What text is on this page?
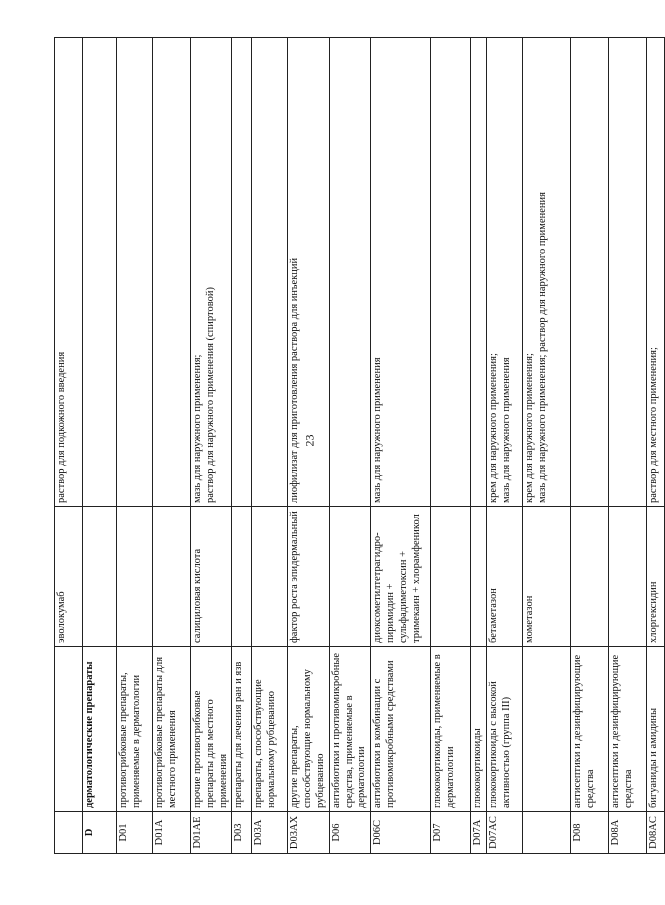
23
		эволокумаб	раствор для подкожного введения
D	дерматологические препараты		
D01	противогрибковые препараты, применяемые в дерматологии		
D01A	противогрибковые препараты для местного применения		
D01AE	прочие противогрибковые препараты для местного применения	салициловая кислота	мазь для наружного применения;
раствор для наружного применения (спиртовой)
D03	препараты для лечения ран и язв		
D03A	препараты, способствующие нормальному рубцеванию		
D03AX	другие препараты, способствующие нормальному рубцеванию	фактор роста эпидермальный	лиофилизат для приготовления раствора для инъекций
D06	антибиотики и противомикробные средства, применяемые в дерматологии		
D06C	антибиотики в комбинации с противомикробными средствами	диоксометилтетрагидро-пиримидин + сульфадиметоксин + тримекаин + хлорамфеникол	мазь для наружного применения
D07	глюкокортикоиды, применяемые в дерматологии		
D07A	глюкокортикоиды		
D07AC	глюкокортикоиды с высокой активностью (группа III)	бетаметазон	крем для наружного применения;
мазь для наружного применения
		мометазон	крем для наружного применения;
мазь для наружного применения; раствор для наружного применения
D08	антисептики и дезинфицирующие средства		
D08A	антисептики и дезинфицирующие средства		
D08AC	бигуаниды и амидины	хлоргексидин	раствор для местного применения;
